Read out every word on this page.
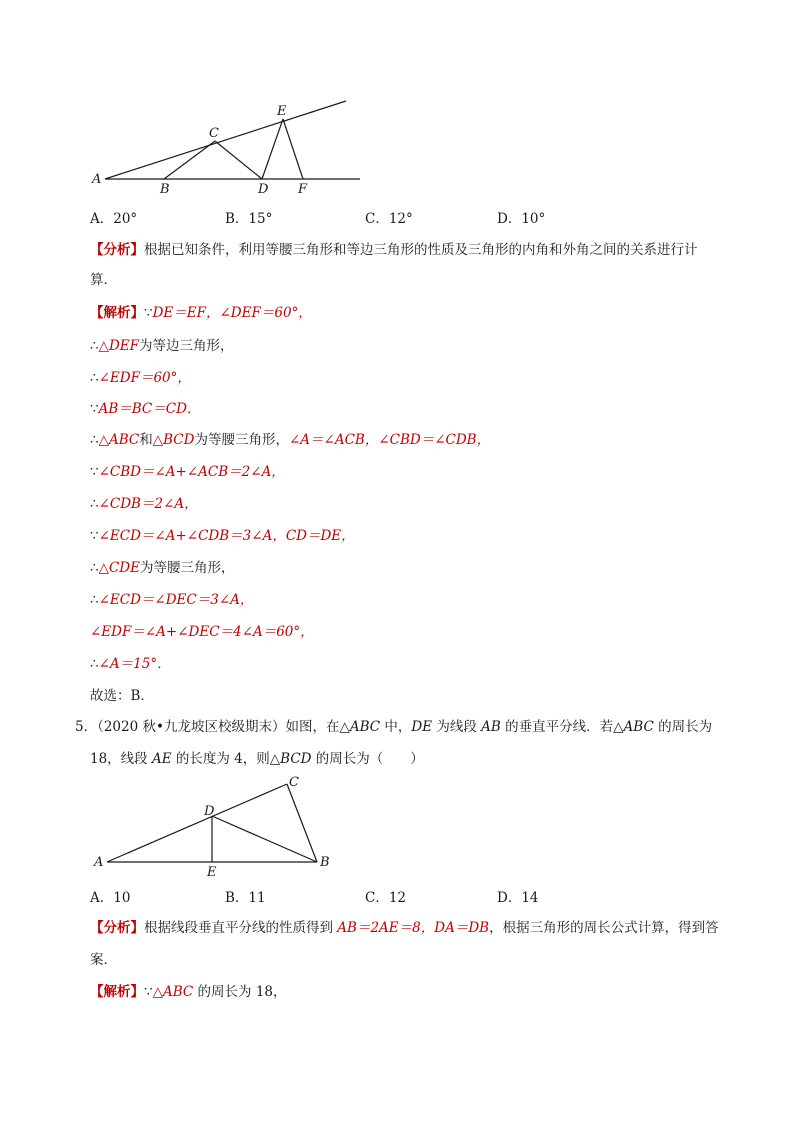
A
B
C
D
E
F
A．20°	B．15°	C．12°	D．10°
【分析】根据已知条件，利用等腰三角形和等边三角形的性质及三角形的内角和外角之间的关系进行计
算．
【解析】∵DE＝EF，∠DEF＝60°，
∴△DEF为等边三角形，
∴∠EDF＝60°，
∵AB＝BC＝CD．
∴△ABC和△BCD为等腰三角形，∠A＝∠ACB，∠CBD＝∠CDB，
∵∠CBD＝∠A+∠ACB＝2∠A，
∴∠CDB＝2∠A，
∵∠ECD＝∠A+∠CDB＝3∠A，CD＝DE，
∴△CDE为等腰三角形，
∴∠ECD＝∠DEC＝3∠A，
∠EDF＝∠A+∠DEC＝4∠A＝60°，
∴∠A＝15°．
故选：B．
5．（2020 秋•九龙坡区校级期末）如图，在△ABC 中，DE 为线段 AB 的垂直平分线．若△ABC 的周长为
18，线段 AE 的长度为 4，则△BCD 的周长为（　　）
A	B
C
D
E
A．10	B．11	C．12	D．14
【分析】根据线段垂直平分线的性质得到 AB＝2AE＝8，DA＝DB，根据三角形的周长公式计算，得到答
案．
【解析】∵△ABC 的周长为 18，
